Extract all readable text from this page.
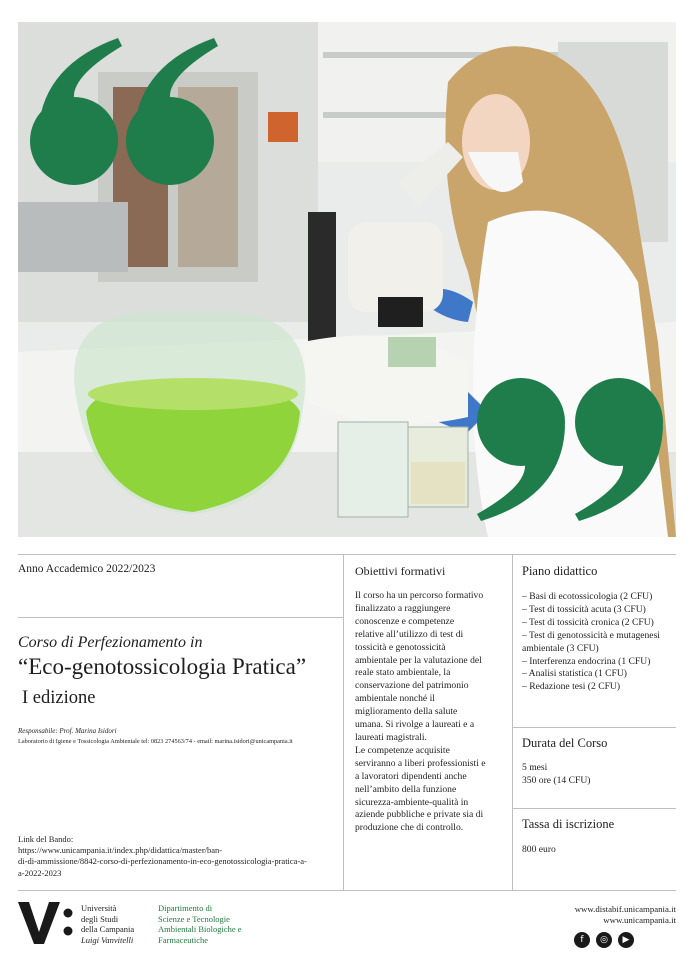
Anno Accademico 2022/2023
Corso di Perfezionamento in
“Eco-genotossicologia Pratica”
I edizione
Responsabile: Prof. Marina Isidori
Laboratorio di Igiene e Tossicologia Ambientale tel: 0823 274563/74 - email: marina.isidori@unicampania.it
Link del Bando:
https://www.unicampania.it/index.php/didattica/master/ban-
di-di-ammissione/8842-corso-di-perfezionamento-in-eco-genotossicologia-pratica-a-
a-2022-2023
Obiettivi formativi
Il corso ha un percorso formativo
finalizzato a raggiungere
conoscenze e competenze
relative all’utilizzo di test di
tossicità e genotossicità
ambientale per la valutazione del
reale stato ambientale, la
conservazione del patrimonio
ambientale nonché il
miglioramento della salute
umana. Si rivolge a laureati e a
laureati magistrali.
Le competenze acquisite
serviranno a liberi professionisti e
a lavoratori dipendenti anche
nell’ambito della funzione
sicurezza-ambiente-qualità in
aziende pubbliche e private sia di
produzione che di controllo.
Piano didattico
– Basi di ecotossicologia (2 CFU)
– Test di tossicità acuta (3 CFU)
– Test di tossicità cronica (2 CFU)
– Test di genotossicità e mutagenesi
ambientale (3 CFU)
– Interferenza endocrina (1 CFU)
– Analisi statistica (1 CFU)
– Redazione tesi (2 CFU)
Durata del Corso
5 mesi
350 ore (14 CFU)
Tassa di iscrizione
800 euro
Università
degli Studi
della Campania
Luigi Vanvitelli
Dipartimento di
Scienze e Tecnologie
Ambientali Biologiche e
Farmaceutiche
www.distabif.unicampania.it
www.unicampania.it
f	◎	▶
